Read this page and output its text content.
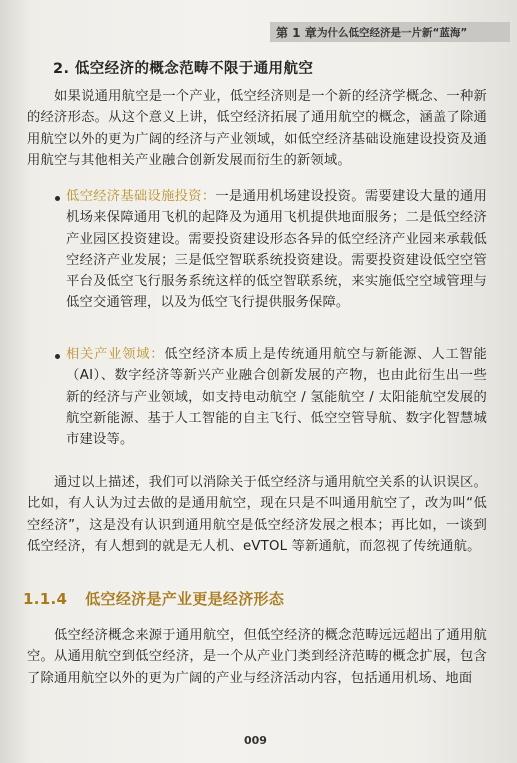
第 1 章 为什么低空经济是一片新“蓝海”
2. 低空经济的概念范畴不限于通用航空
如果说通用航空是一个产业，低空经济则是一个新的经济学概念、一种新的经济形态。从这个意义上讲，低空经济拓展了通用航空的概念，涵盖了除通用航空以外的更为广阔的经济与产业领域，如低空经济基础设施建设投资及通用航空与其他相关产业融合创新发展而衍生的新领域。
低空经济基础设施投资：一是通用机场建设投资。需要建设大量的通用机场来保障通用飞机的起降及为通用飞机提供地面服务；二是低空经济产业园区投资建设。需要投资建设形态各异的低空经济产业园来承载低空经济产业发展；三是低空智联系统投资建设。需要投资建设低空空管平台及低空飞行服务系统这样的低空智联系统，来实施低空空域管理与低空交通管理，以及为低空飞行提供服务保障。
相关产业领域：低空经济本质上是传统通用航空与新能源、人工智能（AI）、数字经济等新兴产业融合创新发展的产物，也由此衍生出一些新的经济与产业领域，如支持电动航空 / 氢能航空 / 太阳能航空发展的航空新能源、基于人工智能的自主飞行、低空空管导航、数字化智慧城市建设等。
通过以上描述，我们可以消除关于低空经济与通用航空关系的认识误区。比如，有人认为过去做的是通用航空，现在只是不叫通用航空了，改为叫“低空经济”，这是没有认识到通用航空是低空经济发展之根本；再比如，一谈到低空经济，有人想到的就是无人机、eVTOL 等新通航，而忽视了传统通航。
1.1.4 低空经济是产业更是经济形态
低空经济概念来源于通用航空，但低空经济的概念范畴远远超出了通用航空。从通用航空到低空经济，是一个从产业门类到经济范畴的概念扩展，包含了除通用航空以外的更为广阔的产业与经济活动内容，包括通用机场、地面
009
